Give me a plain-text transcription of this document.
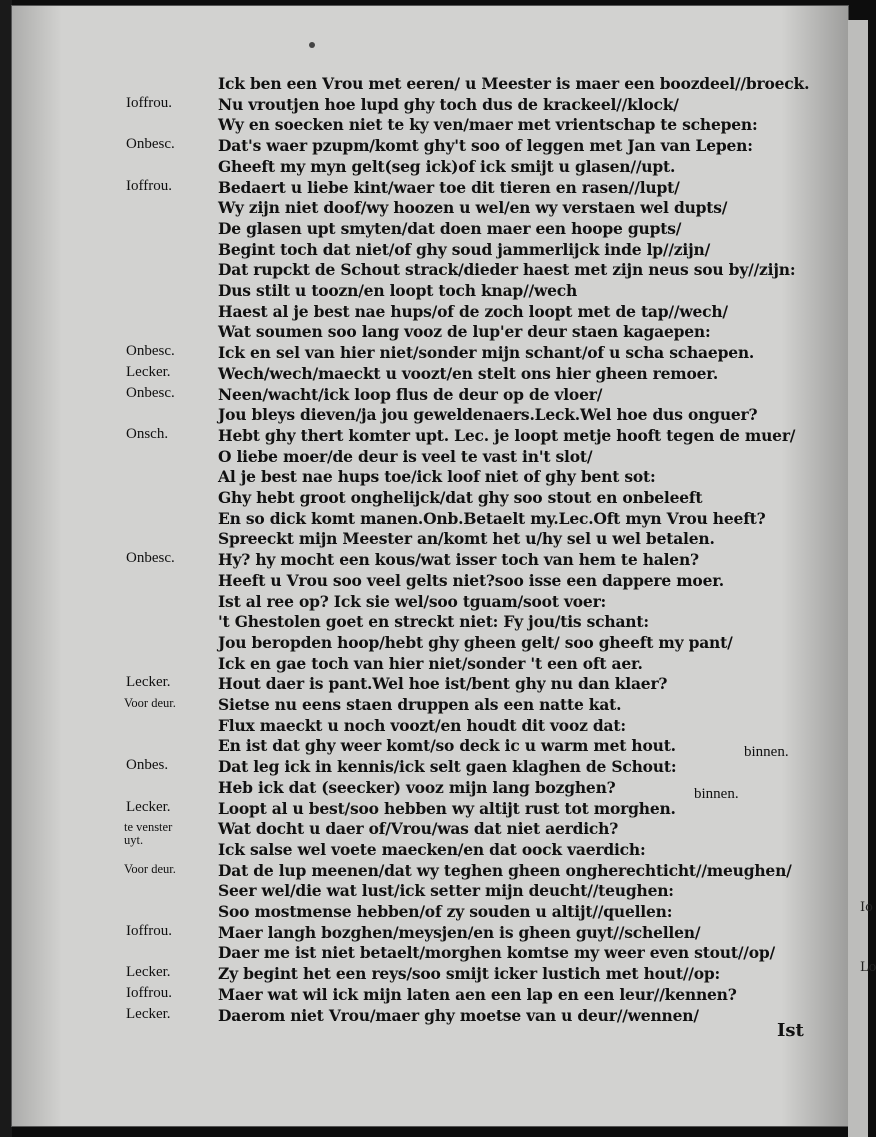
Ick ben een Vrou met eeren/ u Meester is maer een boozdeel//broeck.
Nu vroutjen hoe lupd ghy toch dus de krackeel//klock/
Wy en soecken niet te ky ven/maer met vrientschap te schepen:
Dat's waer pzupm/komt ghy't soo of leggen met Jan van Lepen:
Gheeft my myn gelt(seg ick)of ick smijt u glasen//upt.
Bedaert u liebe kint/waer toe dit tieren en rasen//lupt/
Wy zijn niet doof/wy hoozen u wel/en wy verstaen wel dupts/
De glasen upt smyten/dat doen maer een hoope gupts/
Begint toch dat niet/of ghy soud jammerlijck inde lp//zijn/
Dat rupckt de Schout strack/dieder haest met zijn neus sou by//zijn:
Dus stilt u toozn/en loopt toch knap//wech
Haest al je best nae hups/of de zoch loopt met de tap//wech/
Wat soumen soo lang vooz de lup'er deur staen kagaepen:
Ick en sel van hier niet/sonder mijn schant/of u scha schaepen.
Wech/wech/maeckt u voozt/en stelt ons hier gheen remoer.
Neen/wacht/ick loop flus de deur op de vloer/
Jou bleys dieven/ja jou geweldenaers.Leck.Wel hoe dus onguer?
Hebt ghy thert komter upt. Lec. je loopt metje hooft tegen de muer/
O liebe moer/de deur is veel te vast in't slot/
Al je best nae hups toe/ick loof niet of ghy bent sot:
Ghy hebt groot onghelijck/dat ghy soo stout en onbeleeft
En so dick komt manen.Onb.Betaelt my.Lec.Oft myn Vrou heeft?
Spreeckt mijn Meester an/komt het u/hy sel u wel betalen.
Hy? hy mocht een kous/wat isser toch van hem te halen?
Heeft u Vrou soo veel gelts niet?soo isse een dappere moer.
Ist al ree op? Ick sie wel/soo tguam/soot voer:
't Ghestolen goet en streckt niet: Fy jou/tis schant:
Jou beropden hoop/hebt ghy gheen gelt/ soo gheeft my pant/
Ick en gae toch van hier niet/sonder 't een oft aer.
Hout daer is pant.Wel hoe ist/bent ghy nu dan klaer?
Sietse nu eens staen druppen als een natte kat.
Flux maeckt u noch voozt/en houdt dit vooz dat:
En ist dat ghy weer komt/so deck ic u warm met hout.
Dat leg ick in kennis/ick selt gaen klaghen de Schout:
Heb ick dat (seecker) vooz mijn lang bozghen?
Loopt al u best/soo hebben wy altijt rust tot morghen.
Wat docht u daer of/Vrou/was dat niet aerdich?
Ick salse wel voete maecken/en dat oock vaerdich:
Dat de lup meenen/dat wy teghen gheen ongherechticht//meughen/
Seer wel/die wat lust/ick setter mijn deucht//teughen:
Soo mostmense hebben/of zy souden u altijt//quellen:
Maer langh bozghen/meysjen/en is gheen guyt//schellen/
Daer me ist niet betaelt/morghen komtse my weer even stout//op/
Zy begint het een reys/soo smijt icker lustich met hout//op:
Maer wat wil ick mijn laten aen een lap en een leur//kennen?
Daerom niet Vrou/maer ghy moetse van u deur//wennen/
Ioffrou.
Onbesc.
Ioffrou.
Onbesc.
Lecker.
Onbesc.
Onsch.
Onbesc.
Lecker.
Voor deur.
Onbes.
Lecker.
te venster uyt.
Voor deur.
Ioffrou.
Lecker.
Ioffrou.
Lecker.
binnen.
binnen.
Ist
Io
Lo
